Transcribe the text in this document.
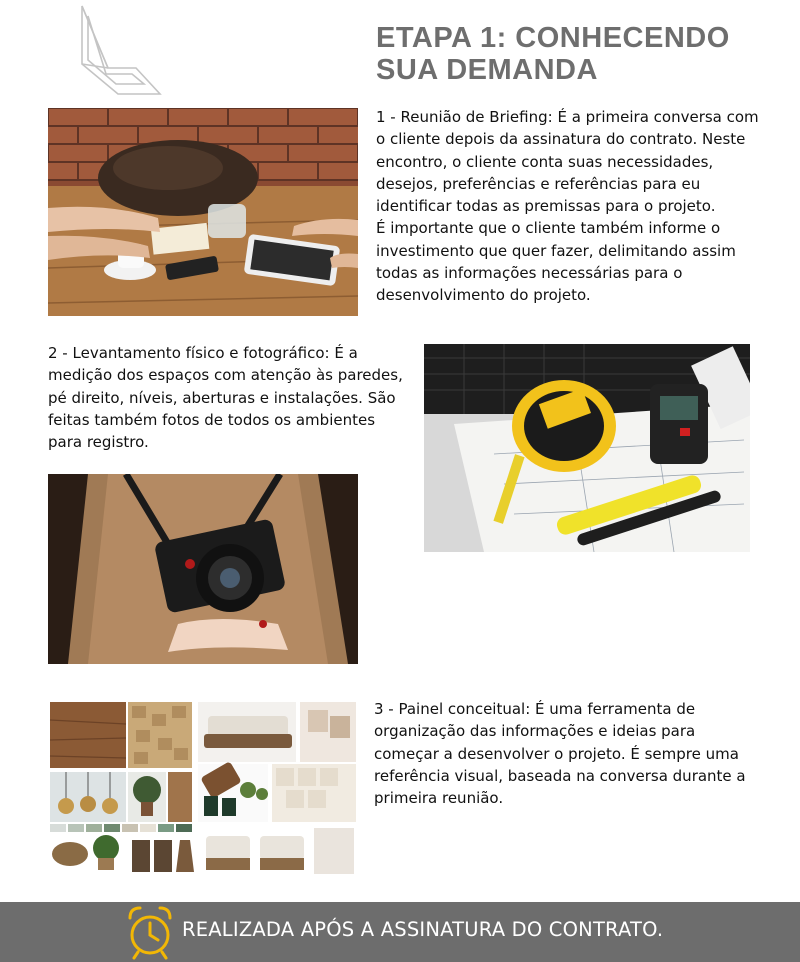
ETAPA 1: CONHECENDO
SUA DEMANDA

1 - Reunião de Briefing: É a primeira conversa com o cliente depois da assinatura do contrato. Neste encontro, o cliente conta suas necessidades, desejos, preferências e referências para eu identificar todas as premissas para o projeto.

É importante que o cliente também informe o investimento que quer fazer, delimitando assim todas as informações necessárias para o desenvolvimento do projeto.

2 - Levantamento físico e fotográfico: É a medição dos espaços com atenção às paredes, pé direito, níveis, aberturas e instalações. São feitas também fotos de todos os ambientes para registro.
3 - Painel conceitual: É uma ferramenta de organização das informações e ideias para começar a desenvolver o projeto. É sempre uma referência visual, baseada na conversa durante a primeira reunião.
REALIZADA APÓS A ASSINATURA DO CONTRATO.
